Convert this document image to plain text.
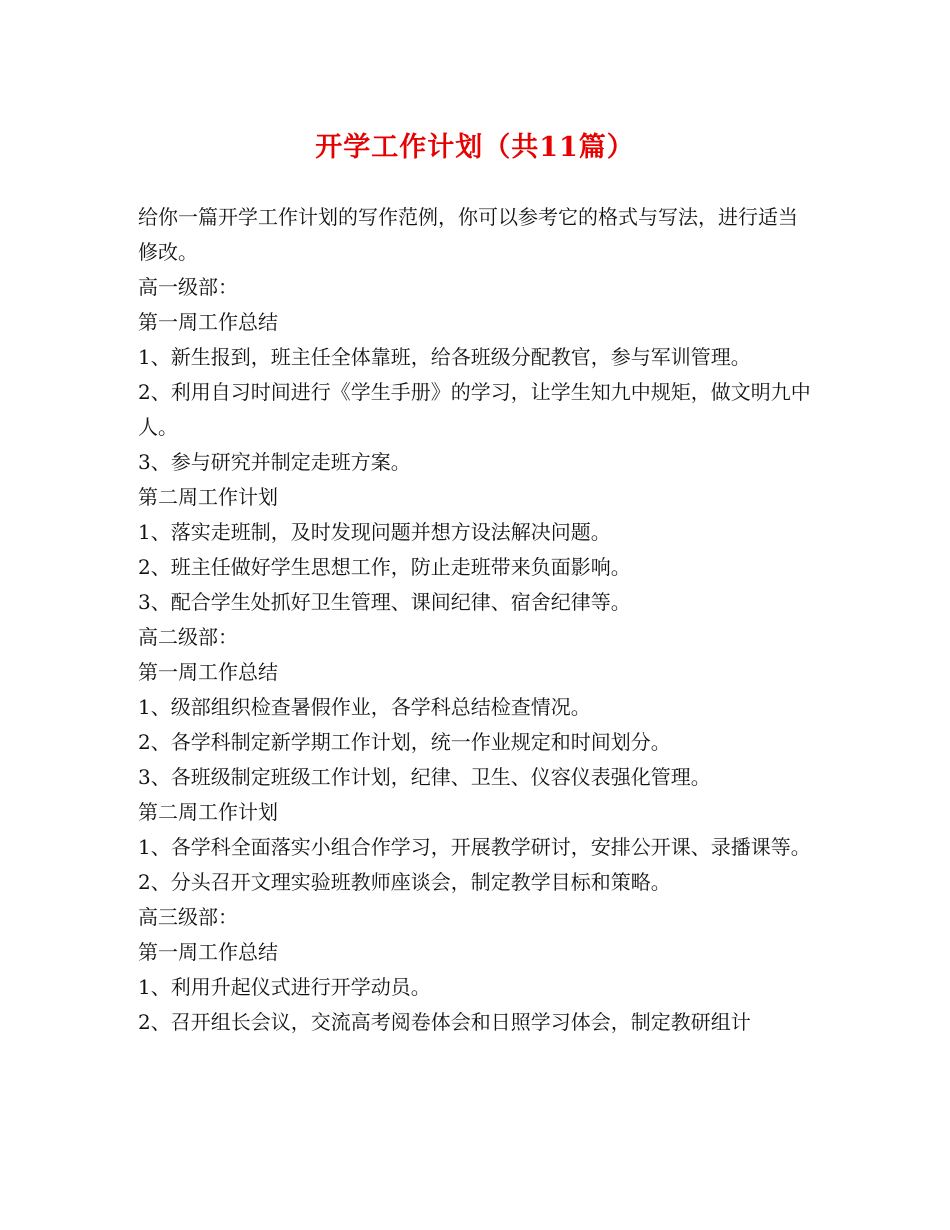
开学工作计划（共11篇）

给你一篇开学工作计划的写作范例，你可以参考它的格式与写法，进行适当修改。

高一级部：

第一周工作总结

1、新生报到，班主任全体靠班，给各班级分配教官，参与军训管理。

2、利用自习时间进行《学生手册》的学习，让学生知九中规矩，做文明九中人。

3、参与研究并制定走班方案。

第二周工作计划

1、落实走班制，及时发现问题并想方设法解决问题。

2、班主任做好学生思想工作，防止走班带来负面影响。

3、配合学生处抓好卫生管理、课间纪律、宿舍纪律等。

高二级部：

第一周工作总结

1、级部组织检查暑假作业，各学科总结检查情况。

2、各学科制定新学期工作计划，统一作业规定和时间划分。

3、各班级制定班级工作计划，纪律、卫生、仪容仪表强化管理。

第二周工作计划

1、各学科全面落实小组合作学习，开展教学研讨，安排公开课、录播课等。

2、分头召开文理实验班教师座谈会，制定教学目标和策略。

高三级部：

第一周工作总结

1、利用升起仪式进行开学动员。

2、召开组长会议，交流高考阅卷体会和日照学习体会，制定教研组计
